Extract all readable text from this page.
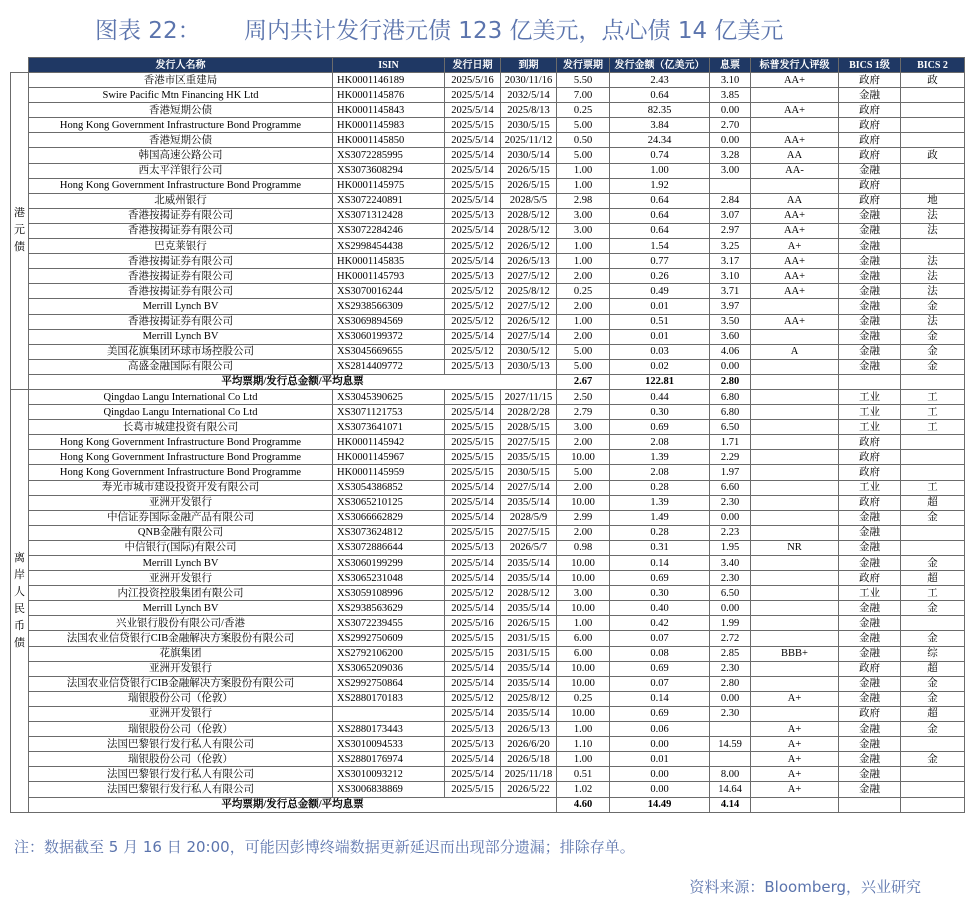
图表 22： 周内共计发行港元债 123 亿美元，点心债 14 亿美元
	发行人名称	ISIN	发行日期	到期	发行票期	发行金额（亿美元）	息票	标普发行人评级	BICS 1级	BICS 2
港元债	香港市区重建局	HK0001146189	2025/5/16	2030/11/16	5.50	2.43	3.10	AA+	政府	政
	Swire Pacific Mtn Financing HK Ltd	HK0001145876	2025/5/14	2032/5/14	7.00	0.64	3.85		金融	
	香港短期公债	HK0001145843	2025/5/14	2025/8/13	0.25	82.35	0.00	AA+	政府	
	Hong Kong Government Infrastructure Bond Programme	HK0001145983	2025/5/15	2030/5/15	5.00	3.84	2.70		政府	
	香港短期公债	HK0001145850	2025/5/14	2025/11/12	0.50	24.34	0.00	AA+	政府	
	韩国高速公路公司	XS3072285995	2025/5/14	2030/5/14	5.00	0.74	3.28	AA	政府	政
	西太平洋银行公司	XS3073608294	2025/5/14	2026/5/15	1.00	1.00	3.00	AA-	金融	
	Hong Kong Government Infrastructure Bond Programme	HK0001145975	2025/5/15	2026/5/15	1.00	1.92			政府	
	北威州银行	XS3072240891	2025/5/14	2028/5/5	2.98	0.64	2.84	AA	政府	地
	香港按揭证券有限公司	XS3071312428	2025/5/13	2028/5/12	3.00	0.64	3.07	AA+	金融	法
	香港按揭证券有限公司	XS3072284246	2025/5/14	2028/5/12	3.00	0.64	2.97	AA+	金融	法
	巴克莱银行	XS2998454438	2025/5/12	2026/5/12	1.00	1.54	3.25	A+	金融	
	香港按揭证券有限公司	HK0001145835	2025/5/14	2026/5/13	1.00	0.77	3.17	AA+	金融	法
	香港按揭证券有限公司	HK0001145793	2025/5/13	2027/5/12	2.00	0.26	3.10	AA+	金融	法
	香港按揭证券有限公司	XS3070016244	2025/5/12	2025/8/12	0.25	0.49	3.71	AA+	金融	法
	Merrill Lynch BV	XS2938566309	2025/5/12	2027/5/12	2.00	0.01	3.97		金融	金
	香港按揭证券有限公司	XS3069894569	2025/5/12	2026/5/12	1.00	0.51	3.50	AA+	金融	法
	Merrill Lynch BV	XS3060199372	2025/5/14	2027/5/14	2.00	0.01	3.60		金融	金
	美国花旗集团环球市场控股公司	XS3045669655	2025/5/12	2030/5/12	5.00	0.03	4.06	A	金融	金
	高盛金融国际有限公司	XS2814409772	2025/5/13	2030/5/13	5.00	0.02	0.00		金融	金
	平均票期/发行总金额/平均息票				2.67	122.81	2.80			
离岸人民币债	Qingdao Langu International Co Ltd	XS3045390625	2025/5/15	2027/11/15	2.50	0.44	6.80		工业	工
	Qingdao Langu International Co Ltd	XS3071121753	2025/5/14	2028/2/28	2.79	0.30	6.80		工业	工
	长葛市城建投资有限公司	XS3073641071	2025/5/15	2028/5/15	3.00	0.69	6.50		工业	工
	Hong Kong Government Infrastructure Bond Programme	HK0001145942	2025/5/15	2027/5/15	2.00	2.08	1.71		政府	
	Hong Kong Government Infrastructure Bond Programme	HK0001145967	2025/5/15	2035/5/15	10.00	1.39	2.29		政府	
	Hong Kong Government Infrastructure Bond Programme	HK0001145959	2025/5/15	2030/5/15	5.00	2.08	1.97		政府	
	寿光市城市建设投资开发有限公司	XS3054386852	2025/5/14	2027/5/14	2.00	0.28	6.60		工业	工
	亚洲开发银行	XS3065210125	2025/5/14	2035/5/14	10.00	1.39	2.30		政府	超
	中信证券国际金融产品有限公司	XS3066662829	2025/5/14	2028/5/9	2.99	1.49	0.00		金融	金
	QNB金融有限公司	XS3073624812	2025/5/15	2027/5/15	2.00	0.28	2.23		金融	
	中信银行(国际)有限公司	XS3072886644	2025/5/13	2026/5/7	0.98	0.31	1.95	NR	金融	
	Merrill Lynch BV	XS3060199299	2025/5/14	2035/5/14	10.00	0.14	3.40		金融	金
	亚洲开发银行	XS3065231048	2025/5/14	2035/5/14	10.00	0.69	2.30		政府	超
	内江投资控股集团有限公司	XS3059108996	2025/5/12	2028/5/12	3.00	0.30	6.50		工业	工
	Merrill Lynch BV	XS2938563629	2025/5/14	2035/5/14	10.00	0.40	0.00		金融	金
	兴业银行股份有限公司/香港	XS3072239455	2025/5/16	2026/5/15	1.00	0.42	1.99		金融	
	法国农业信贷银行CIB金融解决方案股份有限公司	XS2992750609	2025/5/15	2031/5/15	6.00	0.07	2.72		金融	金
	花旗集团	XS2792106200	2025/5/15	2031/5/15	6.00	0.08	2.85	BBB+	金融	综
	亚洲开发银行	XS3065209036	2025/5/14	2035/5/14	10.00	0.69	2.30		政府	超
	法国农业信贷银行CIB金融解决方案股份有限公司	XS2992750864	2025/5/14	2035/5/14	10.00	0.07	2.80		金融	金
	瑞银股份公司（伦敦）	XS2880170183	2025/5/12	2025/8/12	0.25	0.14	0.00	A+	金融	金
	亚洲开发银行		2025/5/14	2035/5/14	10.00	0.69	2.30		政府	超
	瑞银股份公司（伦敦）	XS2880173443	2025/5/13	2026/5/13	1.00	0.06		A+	金融	金
	法国巴黎银行发行私人有限公司	XS3010094533	2025/5/13	2026/6/20	1.10	0.00	14.59	A+	金融	
	瑞银股份公司（伦敦）	XS2880176974	2025/5/14	2026/5/18	1.00	0.01		A+	金融	金
	法国巴黎银行发行私人有限公司	XS3010093212	2025/5/14	2025/11/18	0.51	0.00	8.00	A+	金融	
	法国巴黎银行发行私人有限公司	XS3006838869	2025/5/15	2026/5/22	1.02	0.00	14.64	A+	金融	
	平均票期/发行总金额/平均息票				4.60	14.49	4.14			
注：数据截至 5 月 16 日 20:00，可能因彭博终端数据更新延迟而出现部分遗漏；排除存单。
资料来源：Bloomberg，兴业研究
